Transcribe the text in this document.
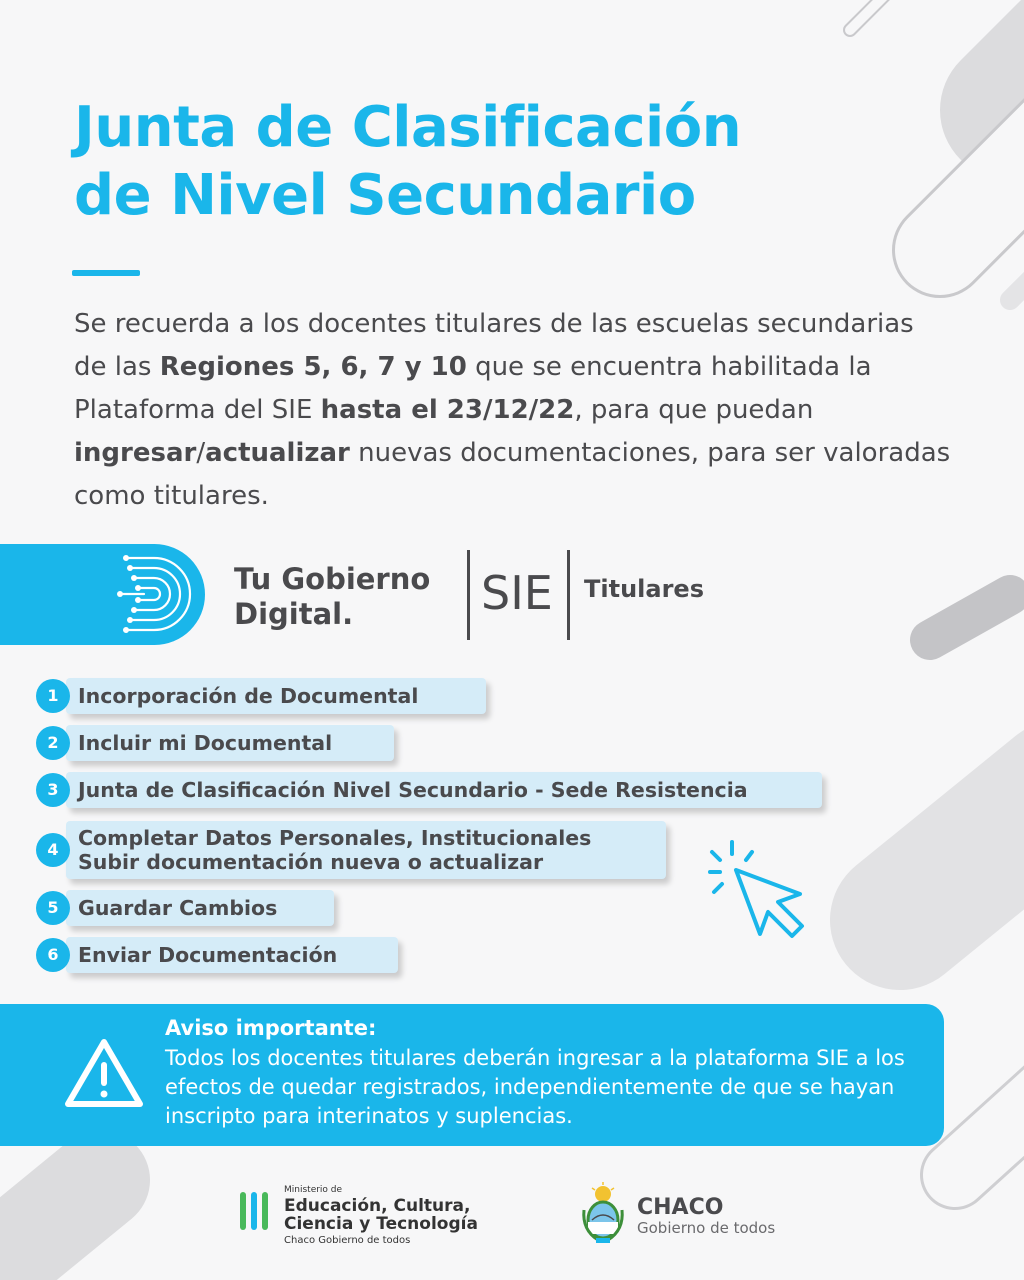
Junta de Clasificación
de Nivel Secundario
Se recuerda a los docentes titulares de las escuelas secundarias de las Regiones 5, 6, 7 y 10 que se encuentra habilitada la Plataforma del SIE hasta el 23/12/22, para que puedan ingresar/actualizar nuevas documentaciones, para ser valoradas como titulares.
Tu Gobierno
Digital.	SIE Titulares
1 Incorporación de Documental
2 Incluir mi Documental
3 Junta de Clasificación Nivel Secundario - Sede Resistencia
4 Completar Datos Personales, Institucionales
Subir documentación nueva o actualizar
5 Guardar Cambios
6 Enviar Documentación
Aviso importante:
Todos los docentes titulares deberán ingresar a la plataforma SIE a los efectos de quedar registrados, independientemente de que se hayan inscripto para interinatos y suplencias.
Ministerio de
Educación, Cultura,
Ciencia y Tecnología
Chaco Gobierno de todos
CHACO
Gobierno de todos
